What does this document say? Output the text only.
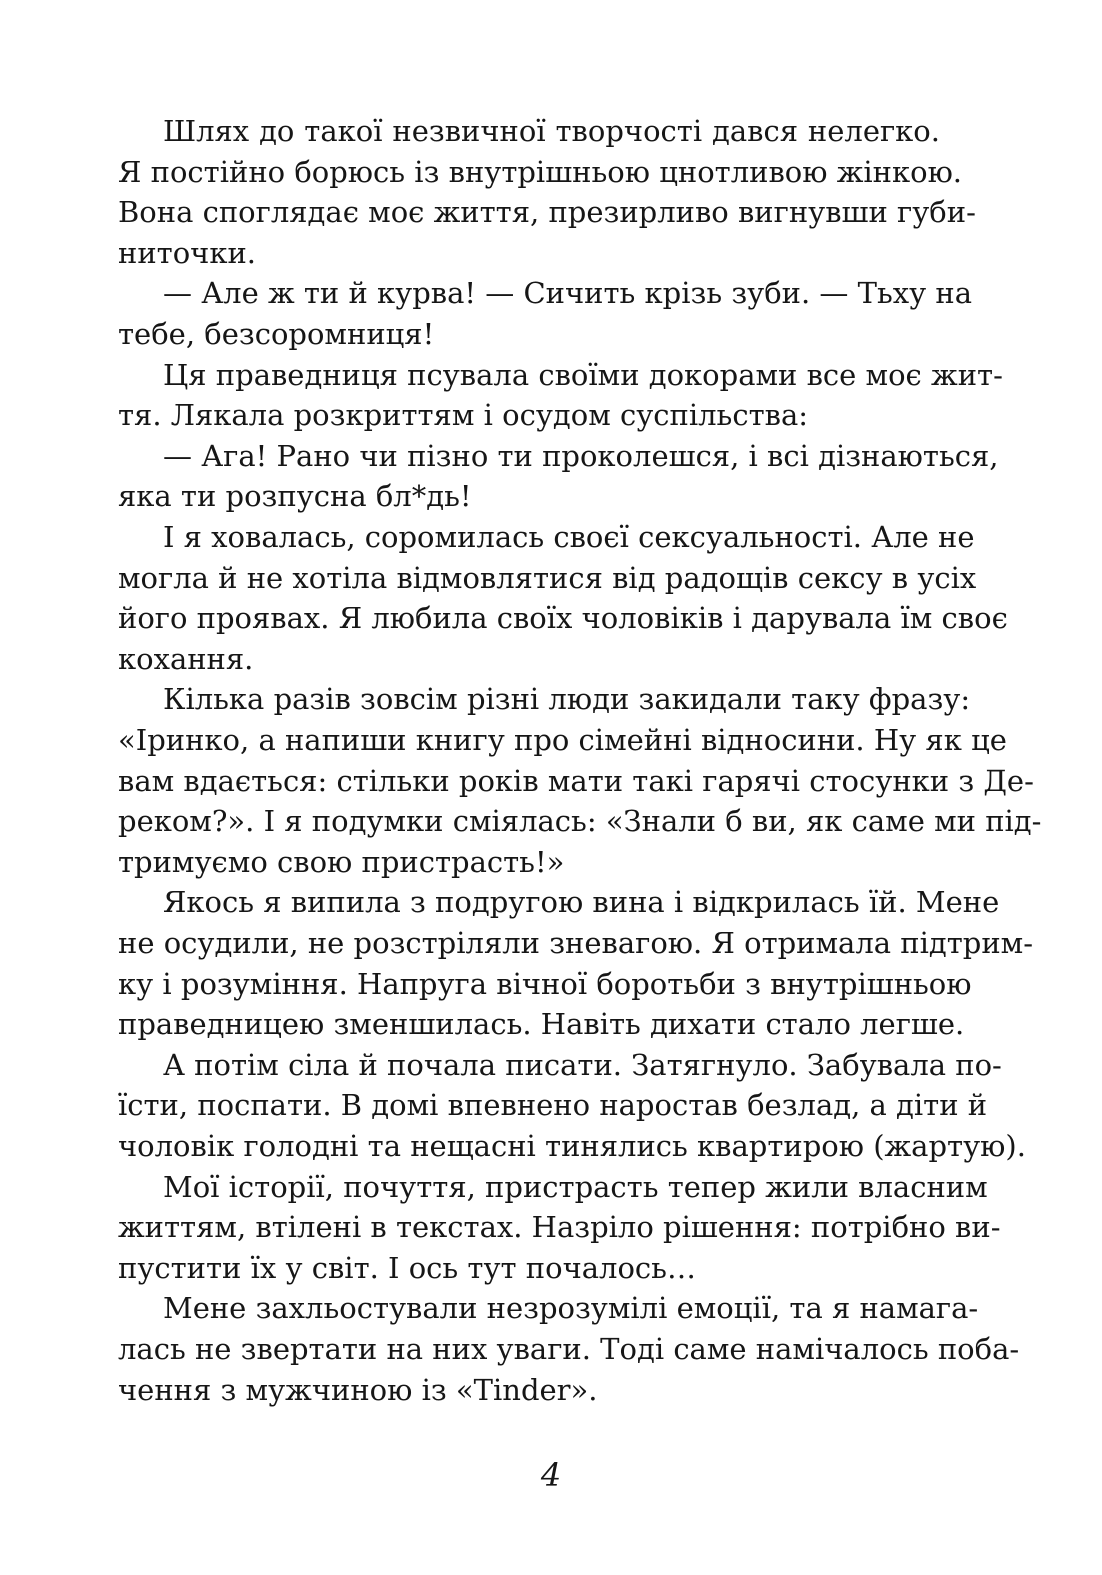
Шлях до такої незвичної творчості дався нелегко.
Я постійно борюсь із внутрішньою цнотливою жінкою.
Вона споглядає моє життя, презирливо вигнувши губи-
ниточки.
— Але ж ти й курва! — Сичить крізь зуби. — Тьху на
тебе, безсоромниця!
Ця праведниця псувала своїми докорами все моє жит-
тя. Лякала розкриттям і осудом суспільства:
— Ага! Рано чи пізно ти проколешся, і всі дізнаються,
яка ти розпусна бл*дь!
І я ховалась, соромилась своєї сексуальності. Але не
могла й не хотіла відмовлятися від радощів сексу в усіх
його проявах. Я любила своїх чоловіків і дарувала їм своє
кохання.
Кілька разів зовсім різні люди закидали таку фразу:
«Іринко, а напиши книгу про сімейні відносини. Ну як це
вам вдається: стільки років мати такі гарячі стосунки з Де-
реком?». І я подумки сміялась: «Знали б ви, як саме ми під-
тримуємо свою пристрасть!»
Якось я випила з подругою вина і відкрилась їй. Мене
не осудили, не розстріляли зневагою. Я отримала підтрим-
ку і розуміння. Напруга вічної боротьби з внутрішньою
праведницею зменшилась. Навіть дихати стало легше.
А потім сіла й почала писати. Затягнуло. Забувала по-
їсти, поспати. В домі впевнено наростав безлад, а діти й
чоловік голодні та нещасні тинялись квартирою (жартую).
Мої історії, почуття, пристрасть тепер жили власним
життям, втілені в текстах. Назріло рішення: потрібно ви-
пустити їх у світ. І ось тут почалось…
Мене захльостували незрозумілі емоції, та я намага-
лась не звертати на них уваги. Тоді саме намічалось поба-
чення з мужчиною із «Tinder».
4
